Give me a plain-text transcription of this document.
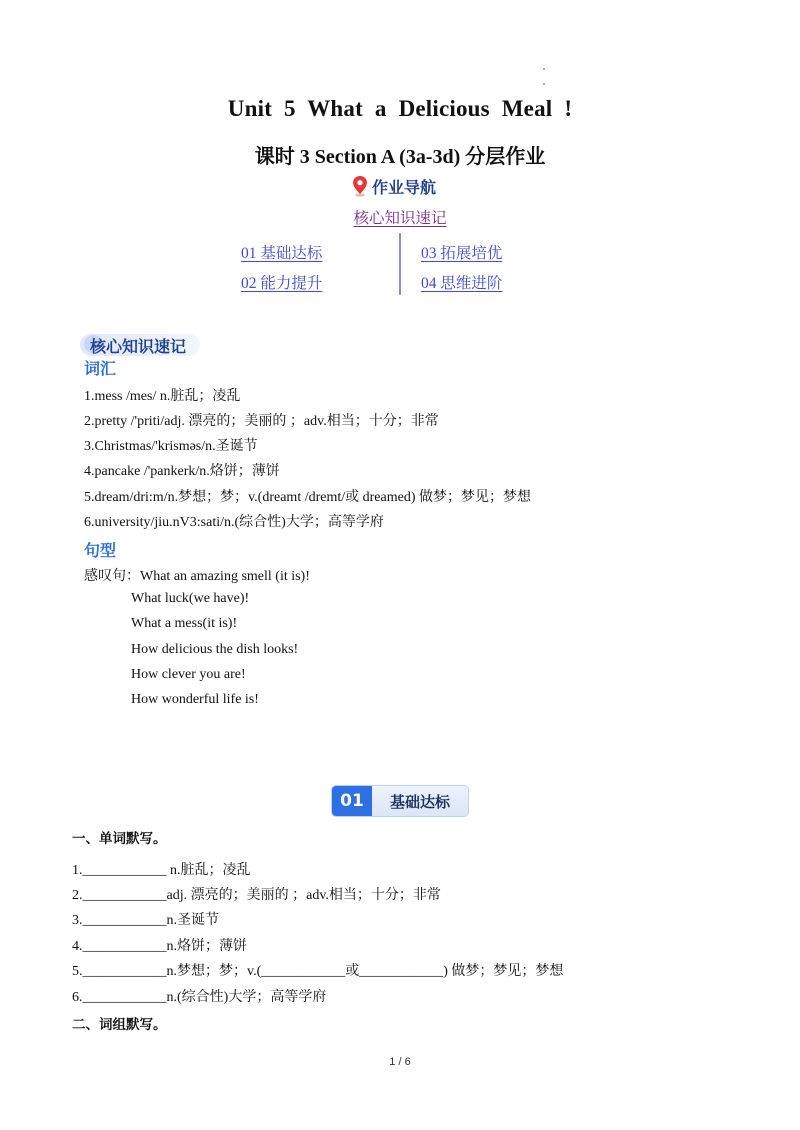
Unit 5 What a Delicious Meal !
课时 3 Section A (3a-3d) 分层作业
作业导航
核心知识速记
01 基础达标
02 能力提升
03 拓展培优
04 思维进阶
核心知识速记
词汇
1.mess /mes/ n.脏乱；凌乱
2.pretty /'priti/adj. 漂亮的；美丽的 ；adv.相当；十分；非常
3.Christmas/'krisməs/n.圣诞节
4.pancake /'pankerk/n.烙饼；薄饼
5.dream/dri:m/n.梦想；梦；v.(dreamt /dremt/或 dreamed) 做梦；梦见；梦想
6.university/jiu.nV3:sati/n.(综合性)大学；高等学府
句型
感叹句：What an amazing smell (it is)!
What luck(we have)!
What a mess(it is)!
How delicious the dish looks!
How clever you are!
How wonderful life is!
01	基础达标
一、单词默写。
1.____________ n.脏乱；凌乱
2.____________adj. 漂亮的；美丽的 ；adv.相当；十分；非常
3.____________n.圣诞节
4.____________n.烙饼；薄饼
5.____________n.梦想；梦；v.(____________或____________) 做梦；梦见；梦想
6.____________n.(综合性)大学；高等学府
二、词组默写。
1 / 6
